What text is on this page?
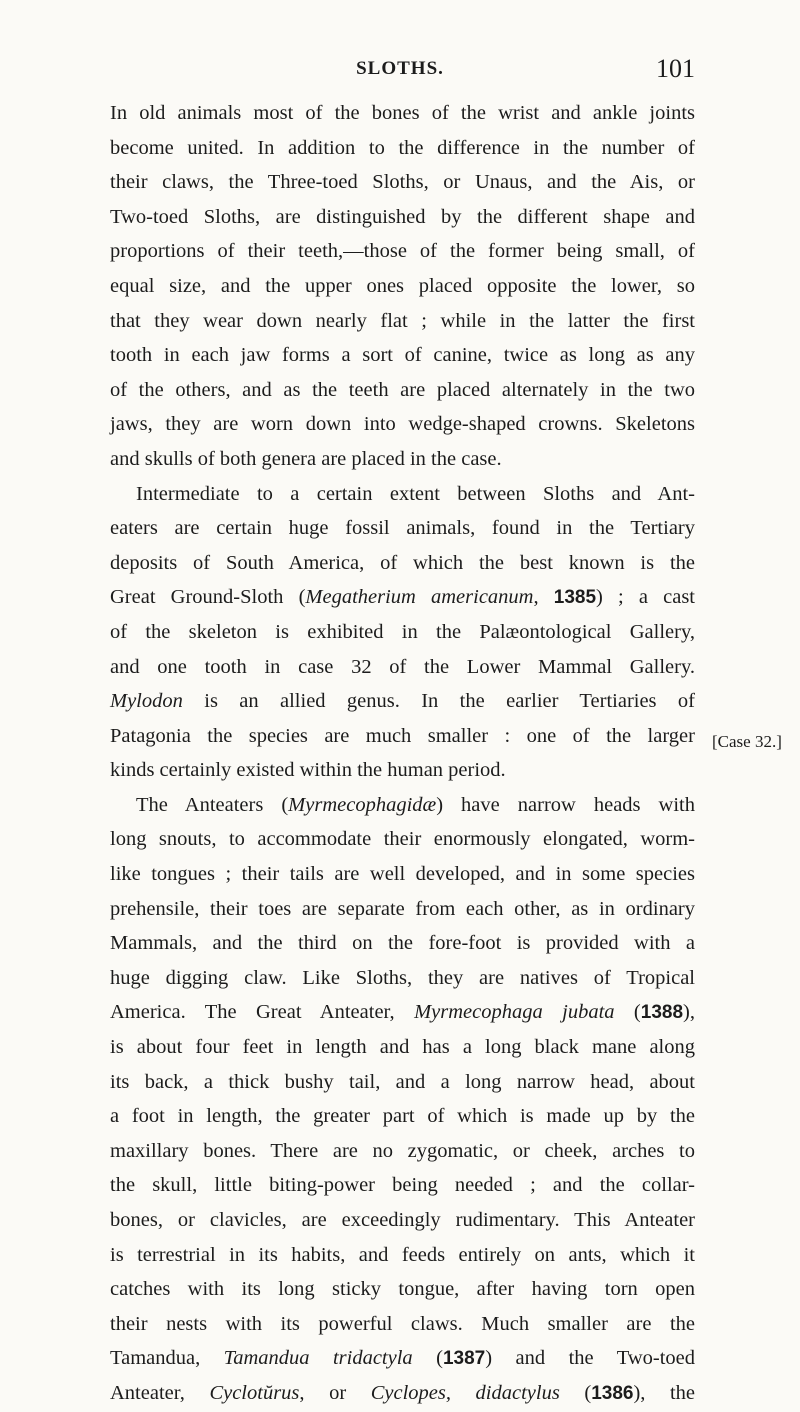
SLOTHS.	101
In old animals most of the bones of the wrist and ankle joints
become united. In addition to the difference in the number of
their claws, the Three-toed Sloths, or Unaus, and the Ais, or
Two-toed Sloths, are distinguished by the different shape and
proportions of their teeth,—those of the former being small, of
equal size, and the upper ones placed opposite the lower, so
that they wear down nearly flat ; while in the latter the first
tooth in each jaw forms a sort of canine, twice as long as any
of the others, and as the teeth are placed alternately in the two
jaws, they are worn down into wedge-shaped crowns. Skeletons
and skulls of both genera are placed in the case.
Intermediate to a certain extent between Sloths and Ant-
eaters are certain huge fossil animals, found in the Tertiary
deposits of South America, of which the best known is the
Great Ground-Sloth (Megatherium americanum, 1385) ; a cast
of the skeleton is exhibited in the Palæontological Gallery,
and one tooth in case 32 of the Lower Mammal Gallery.
Mylodon is an allied genus. In the earlier Tertiaries of
Patagonia the species are much smaller : one of the larger
kinds certainly existed within the human period.
The Anteaters (Myrmecophagidæ) have narrow heads with
long snouts, to accommodate their enormously elongated, worm-
like tongues ; their tails are well developed, and in some species
prehensile, their toes are separate from each other, as in ordinary
Mammals, and the third on the fore-foot is provided with a
huge digging claw. Like Sloths, they are natives of Tropical
America. The Great Anteater, Myrmecophaga jubata (1388),
is about four feet in length and has a long black mane along
its back, a thick bushy tail, and a long narrow head, about
a foot in length, the greater part of which is made up by the
maxillary bones. There are no zygomatic, or cheek, arches to
the skull, little biting-power being needed ; and the collar-
bones, or clavicles, are exceedingly rudimentary. This Anteater
is terrestrial in its habits, and feeds entirely on ants, which it
catches with its long sticky tongue, after having torn open
their nests with its powerful claws. Much smaller are the
Tamandua, Tamandua tridactyla (1387) and the Two-toed
Anteater, Cyclotŭrus, or Cyclopes, didactylus (1386), the
[Case 32.]
